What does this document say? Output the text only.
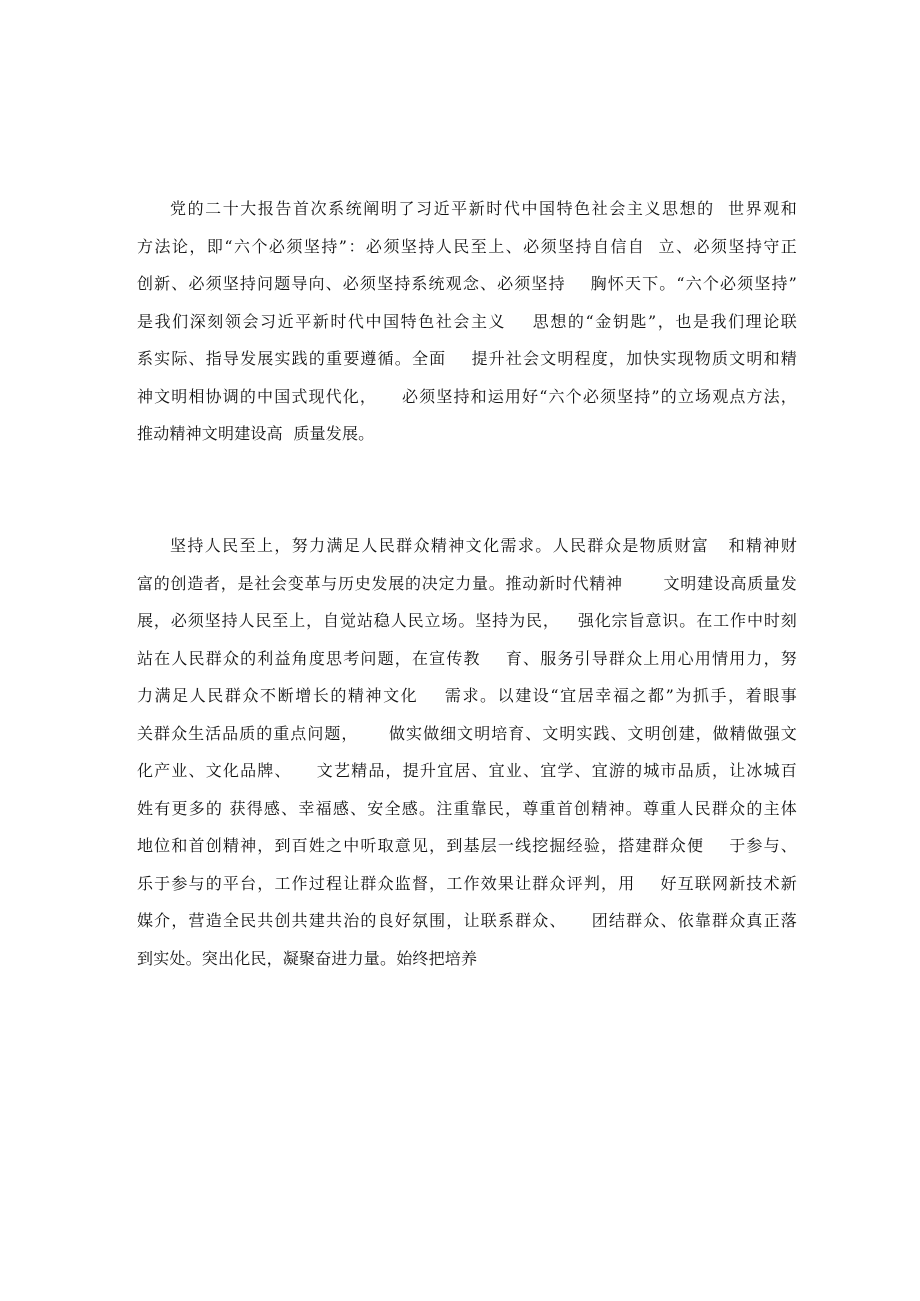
党的二十大报告首次系统阐明了习近平新时代中国特色社会主义思想的  世界观和
方法论，即“六个必须坚持”：必须坚持人民至上、必须坚持自信自  立、必须坚持守正
创新、必须坚持问题导向、必须坚持系统观念、必须坚持    胸怀天下。“六个必须坚持”
是我们深刻领会习近平新时代中国特色社会主义    思想的“金钥匙”，也是我们理论联
系实际、指导发展实践的重要遵循。全面    提升社会文明程度，加快实现物质文明和精
神文明相协调的中国式现代化，    必须坚持和运用好“六个必须坚持”的立场观点方法，
推动精神文明建设高  质量发展。
坚持人民至上，努力满足人民群众精神文化需求。人民群众是物质财富   和精神财
富的创造者，是社会变革与历史发展的决定力量。推动新时代精神       文明建设高质量发
展，必须坚持人民至上，自觉站稳人民立场。坚持为民，   强化宗旨意识。在工作中时刻
站在人民群众的利益角度思考问题，在宣传教    育、服务引导群众上用心用情用力，努
力满足人民群众不断增长的精神文化    需求。以建设“宜居幸福之都”为抓手，着眼事
关群众生活品质的重点问题，     做实做细文明培育、文明实践、文明创建，做精做强文
化产业、文化品牌、    文艺精品，提升宜居、宜业、宜学、宜游的城市品质，让冰城百
姓有更多的 获得感、幸福感、安全感。注重靠民，尊重首创精神。尊重人民群众的主体
地位和首创精神，到百姓之中听取意见，到基层一线挖掘经验，搭建群众便    于参与、
乐于参与的平台，工作过程让群众监督，工作效果让群众评判，用    好互联网新技术新
媒介，营造全民共创共建共治的良好氛围，让联系群众、    团结群众、依靠群众真正落
到实处。突出化民，凝聚奋进力量。始终把培养
